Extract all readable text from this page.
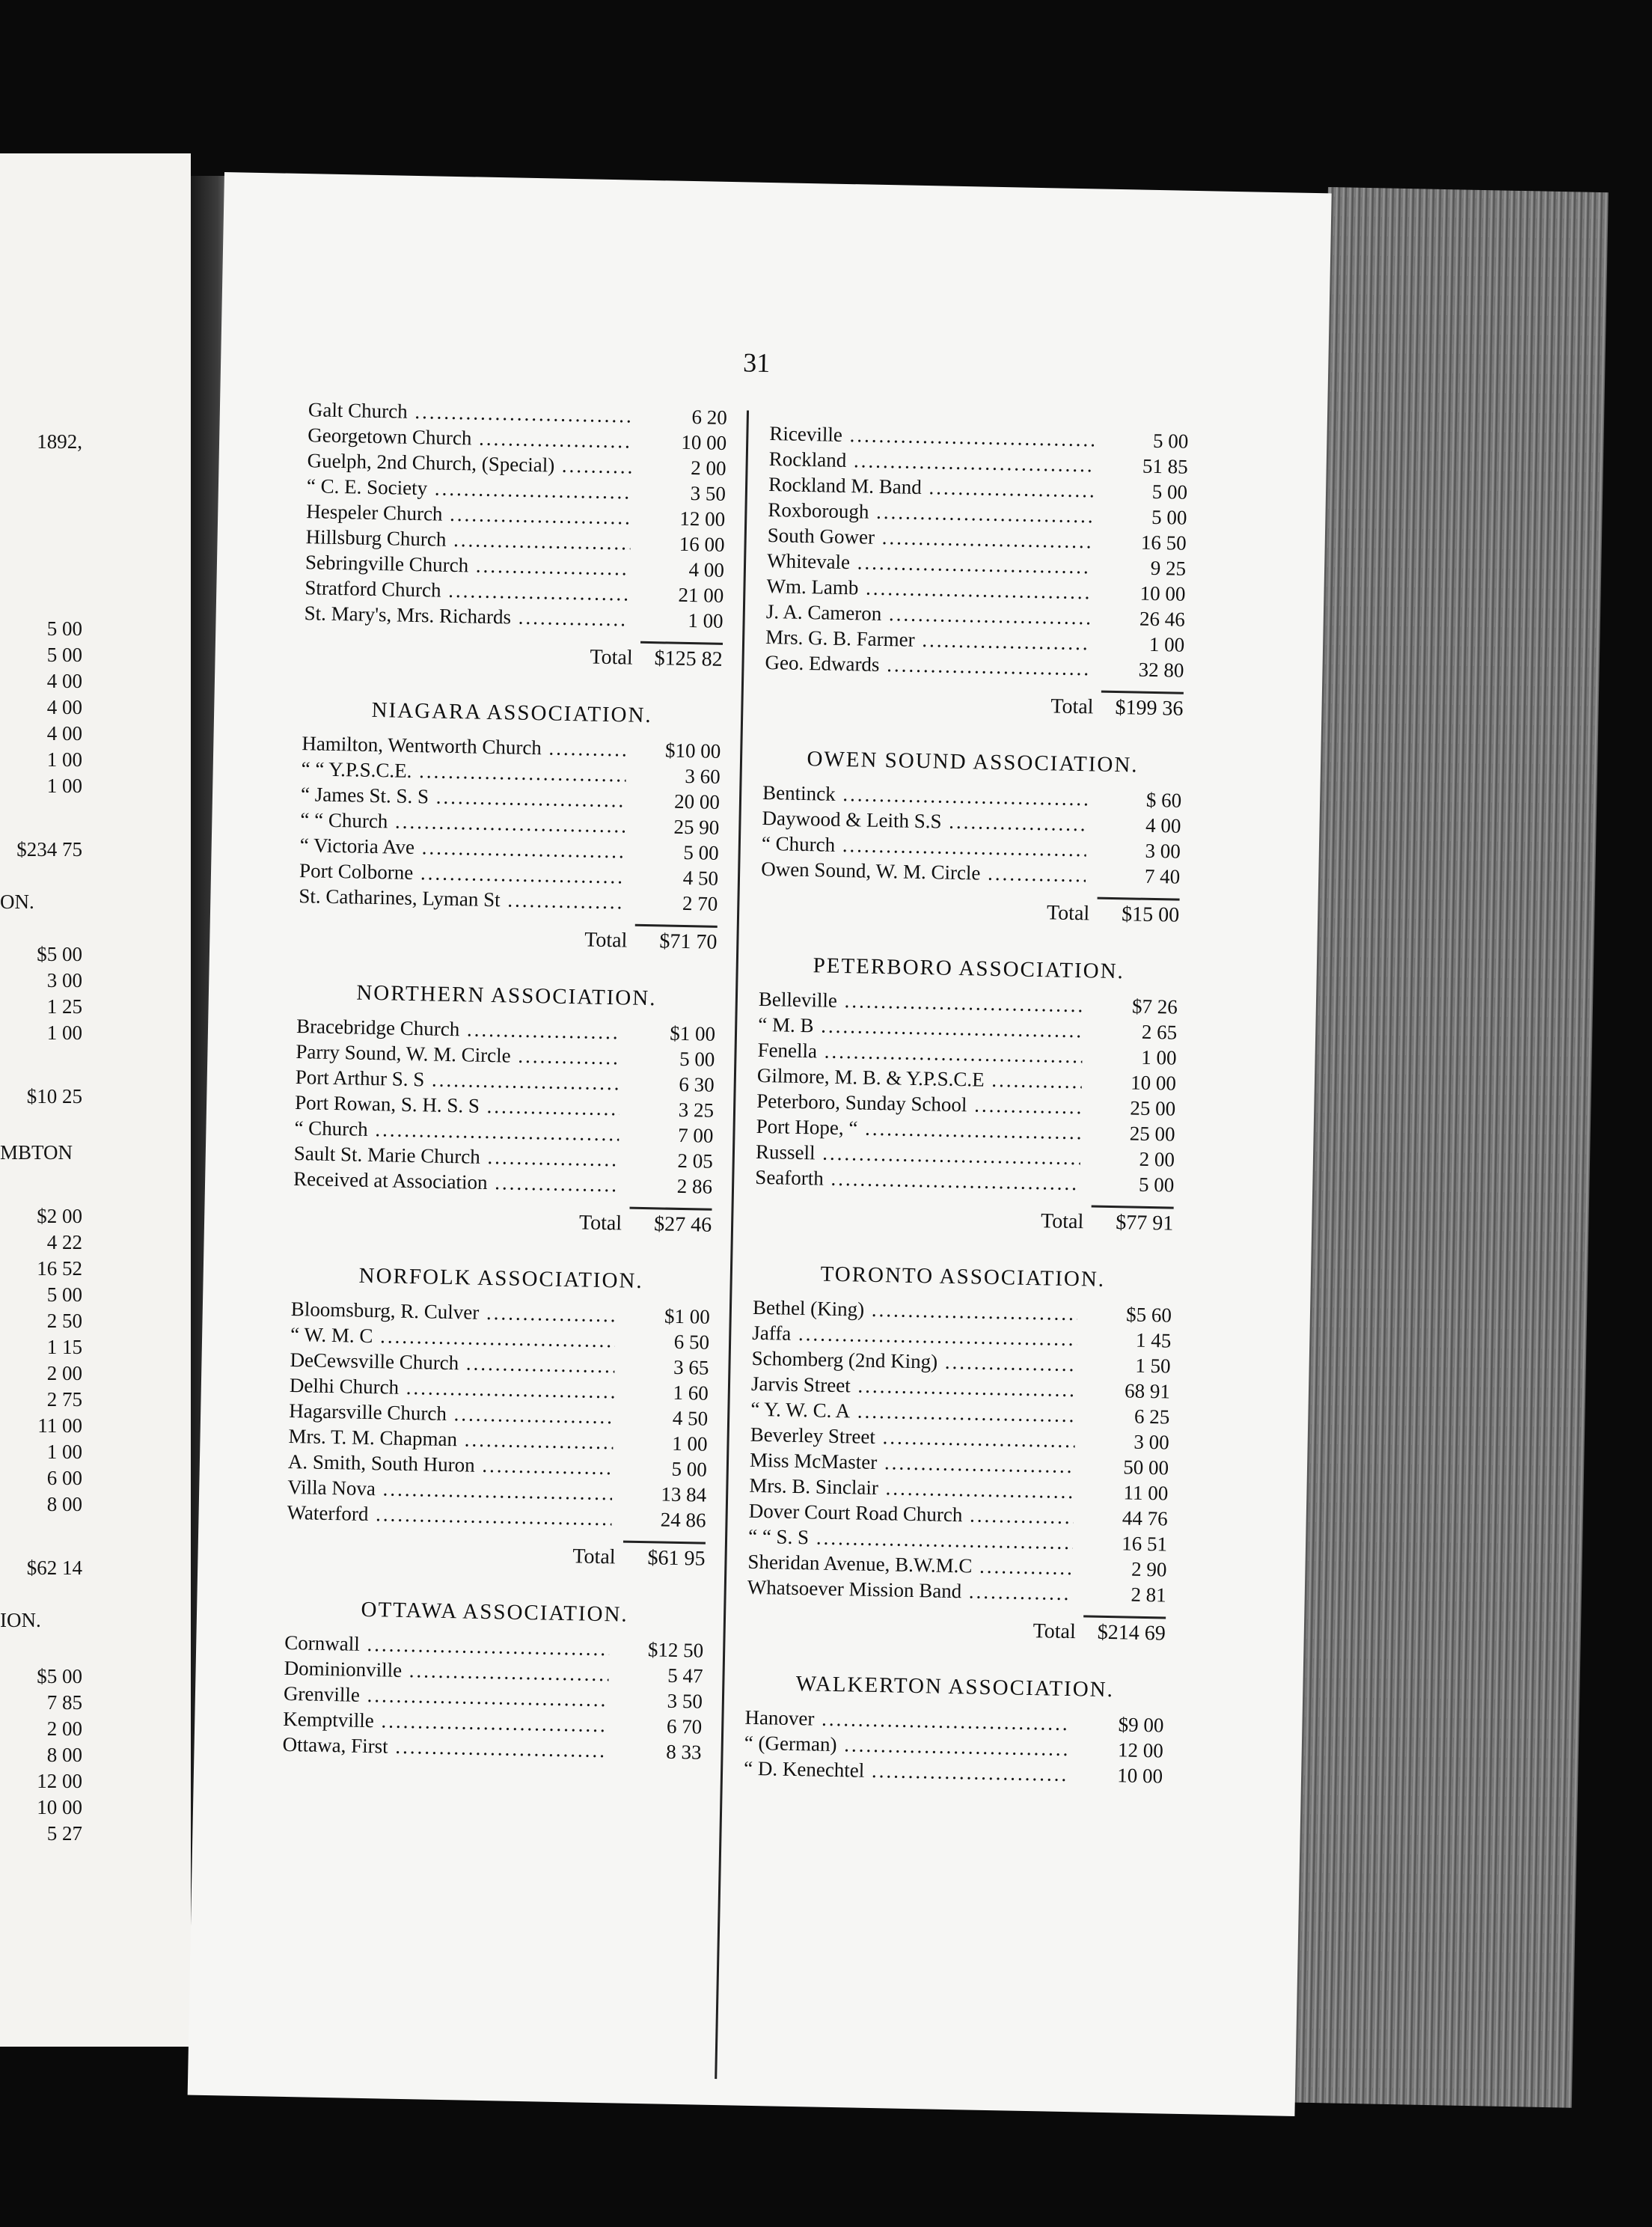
1892,
5 00
5 00
4 00
4 00
4 00
1 00
1 00
$234 75
ON.
$5 00
3 00
1 25
1 00
$10 25
MBTON
$2 00
4 22
16 52
5 00
2 50
1 15
2 00
2 75
11 00
1 00
6 00
8 00
$62 14
ION.
$5 00
7 85
2 00
8 00
12 00
10 00
5 27
31
Galt Church .....	6 20
Georgetown Church .....	10 00
Guelph, 2nd Church, (Special) .....	2 00
“ C. E. Society .....	3 50
Hespeler Church .....	12 00
Hillsburg Church .....	16 00
Sebringville Church .....	4 00
Stratford Church .....	21 00
St. Mary's, Mrs. Richards .....	1 00
Total	$125 82
NIAGARA ASSOCIATION.
Hamilton, Wentworth Church .....	$10 00
“ “ Y.P.S.C.E. .....	3 60
“ James St. S. S .....	20 00
“ “ Church .....	25 90
“ Victoria Ave .....	5 00
Port Colborne .....	4 50
St. Catharines, Lyman St .....	2 70
Total	$71 70
NORTHERN ASSOCIATION.
Bracebridge Church .....	$1 00
Parry Sound, W. M. Circle .....	5 00
Port Arthur S. S .....	6 30
Port Rowan, S. H. S. S .....	3 25
“ Church .....	7 00
Sault St. Marie Church .....	2 05
Received at Association .....	2 86
Total	$27 46
NORFOLK ASSOCIATION.
Bloomsburg, R. Culver .....	$1 00
“ W. M. C .....	6 50
DeCewsville Church .....	3 65
Delhi Church .....	1 60
Hagarsville Church .....	4 50
Mrs. T. M. Chapman .....	1 00
A. Smith, South Huron .....	5 00
Villa Nova .....	13 84
Waterford .....	24 86
Total	$61 95
OTTAWA ASSOCIATION.
Cornwall .....	$12 50
Dominionville .....	5 47
Grenville .....	3 50
Kemptville .....	6 70
Ottawa, First .....	8 33
Riceville .....	5 00
Rockland .....	51 85
Rockland M. Band .....	5 00
Roxborough .....	5 00
South Gower .....	16 50
Whitevale .....	9 25
Wm. Lamb .....	10 00
J. A. Cameron .....	26 46
Mrs. G. B. Farmer .....	1 00
Geo. Edwards .....	32 80
Total	$199 36
OWEN SOUND ASSOCIATION.
Bentinck .....	$ 60
Daywood & Leith S.S .....	4 00
“ Church .....	3 00
Owen Sound, W. M. Circle .....	7 40
Total	$15 00
PETERBORO ASSOCIATION.
Belleville .....	$7 26
“ M. B .....	2 65
Fenella .....	1 00
Gilmore, M. B. & Y.P.S.C.E .....	10 00
Peterboro, Sunday School .....	25 00
Port Hope, “ .....	25 00
Russell .....	2 00
Seaforth .....	5 00
Total	$77 91
TORONTO ASSOCIATION.
Bethel (King) .....	$5 60
Jaffa .....	1 45
Schomberg (2nd King) .....	1 50
Jarvis Street .....	68 91
“ Y. W. C. A .....	6 25
Beverley Street .....	3 00
Miss McMaster .....	50 00
Mrs. B. Sinclair .....	11 00
Dover Court Road Church .....	44 76
“ “ S. S .....	16 51
Sheridan Avenue, B.W.M.C .....	2 90
Whatsoever Mission Band .....	2 81
Total	$214 69
WALKERTON ASSOCIATION.
Hanover .....	$9 00
“ (German) .....	12 00
“ D. Kenechtel .....	10 00
